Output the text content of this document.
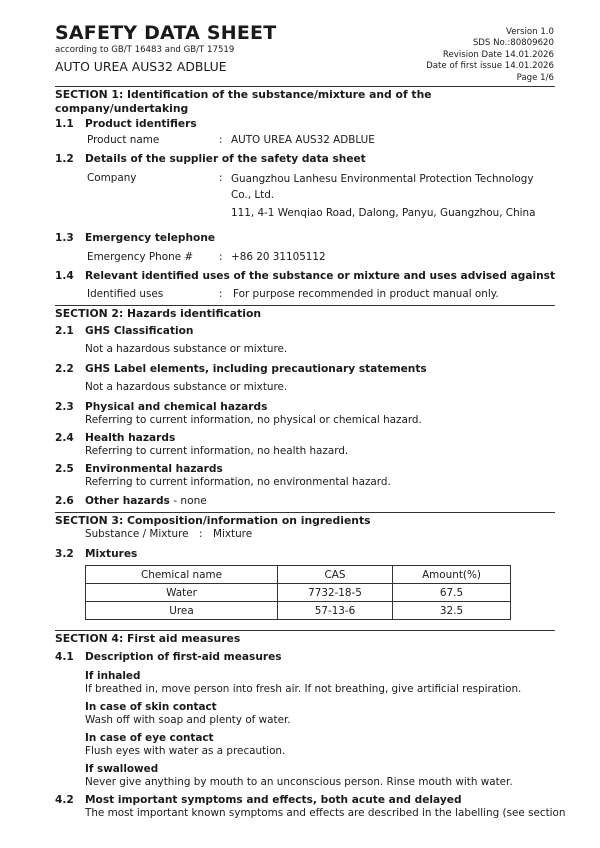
SAFETY DATA SHEET
according to GB/T 16483 and GB/T 17519
AUTO UREA AUS32 ADBLUE
Version 1.0
SDS No.:80809620
Revision Date 14.01.2026
Date of first issue 14.01.2026
Page 1/6
SECTION 1: Identification of the substance/mixture and of the company/undertaking
1.1	Product identifiers
Product name	: AUTO UREA AUS32 ADBLUE
1.2	Details of the supplier of the safety data sheet
Company	: Guangzhou Lanhesu Environmental Protection Technology
Co., Ltd.
111, 4-1 Wenqiao Road, Dalong, Panyu, Guangzhou, China
1.3	Emergency telephone
Emergency Phone #	: +86 20 31105112
1.4	Relevant identified uses of the substance or mixture and uses advised against
Identified uses	:	For purpose recommended in product manual only.
SECTION 2: Hazards identification
2.1	GHS Classification
Not a hazardous substance or mixture.
2.2	GHS Label elements, including precautionary statements
Not a hazardous substance or mixture.
2.3	Physical and chemical hazards
Referring to current information, no physical or chemical hazard.
2.4	Health hazards
Referring to current information, no health hazard.
2.5	Environmental hazards
Referring to current information, no environmental hazard.
2.6	Other hazards - none
SECTION 3: Composition/information on ingredients
Substance / Mixture	:	Mixture
3.2	Mixtures
Chemical name	CAS	Amount(%)
Water	7732-18-5	67.5
Urea	57-13-6	32.5
SECTION 4: First aid measures
4.1	Description of first-aid measures
If inhaled
If breathed in, move person into fresh air. If not breathing, give artificial respiration.
In case of skin contact
Wash off with soap and plenty of water.
In case of eye contact
Flush eyes with water as a precaution.
If swallowed
Never give anything by mouth to an unconscious person. Rinse mouth with water.
4.2	Most important symptoms and effects, both acute and delayed
The most important known symptoms and effects are described in the labelling (see section
